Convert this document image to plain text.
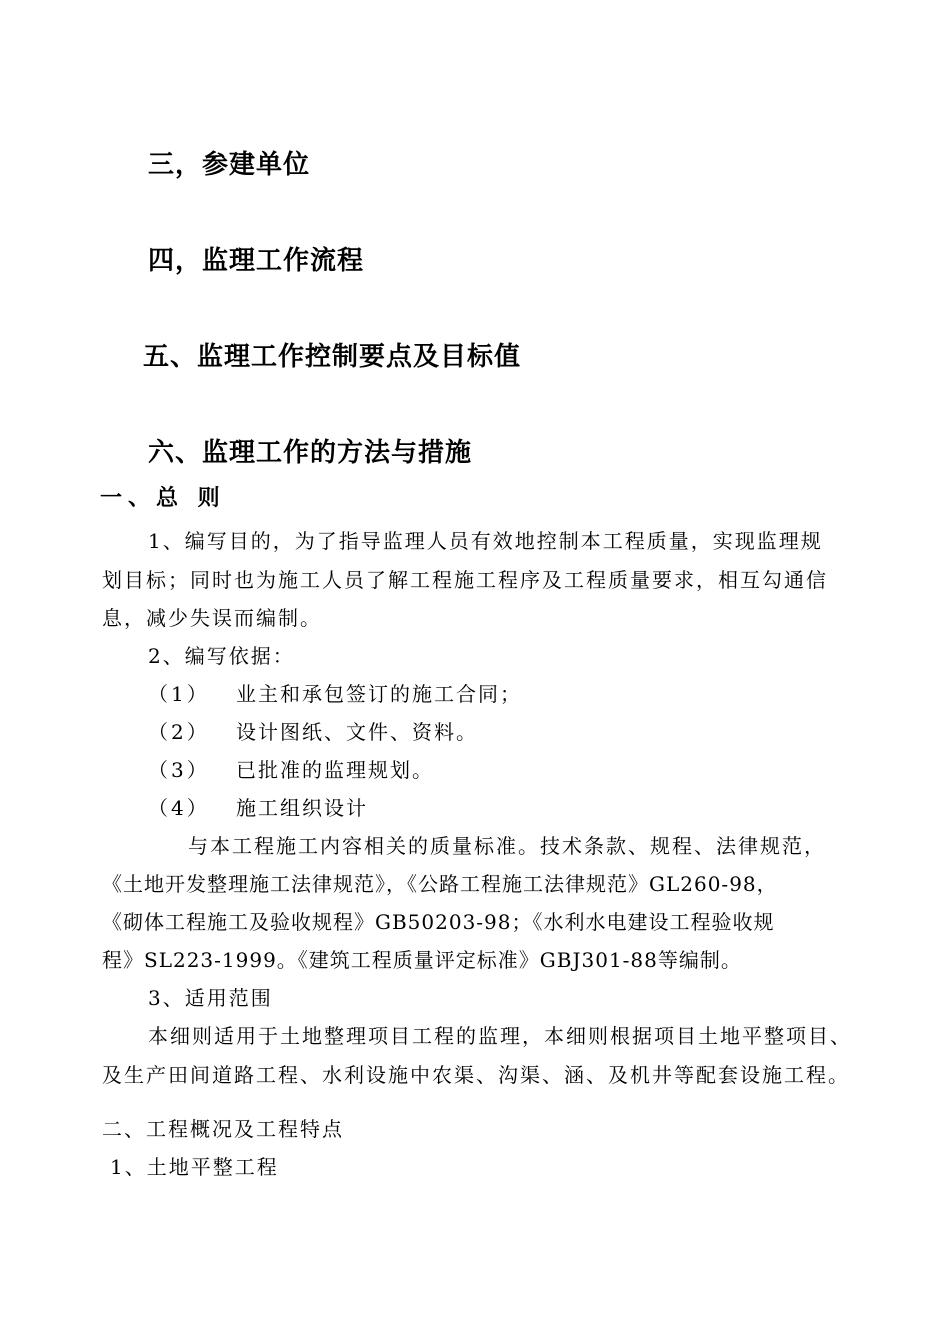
三，参建单位
四，监理工作流程
五、监理工作控制要点及目标值
六、监理工作的方法与措施
一、总 则
1、编写目的，为了指导监理人员有效地控制本工程质量，实现监理规
划目标；同时也为施工人员了解工程施工程序及工程质量要求，相互勾通信
息，减少失误而编制。
2、编写依据：
（1） 业主和承包签订的施工合同；
（2） 设计图纸、文件、资料。
（3） 已批准的监理规划。
（4） 施工组织设计
与本工程施工内容相关的质量标准。技术条款、规程、法律规范，
《土地开发整理施工法律规范》，《公路工程施工法律规范》GL260-98，
《砌体工程施工及验收规程》GB50203-98；《水利水电建设工程验收规
程》SL223-1999。《建筑工程质量评定标准》GBJ301-88等编制。
3、适用范围
本细则适用于土地整理项目工程的监理，本细则根据项目土地平整项目、
及生产田间道路工程、水利设施中农渠、沟渠、涵、及机井等配套设施工程。
二、工程概况及工程特点
1、土地平整工程
